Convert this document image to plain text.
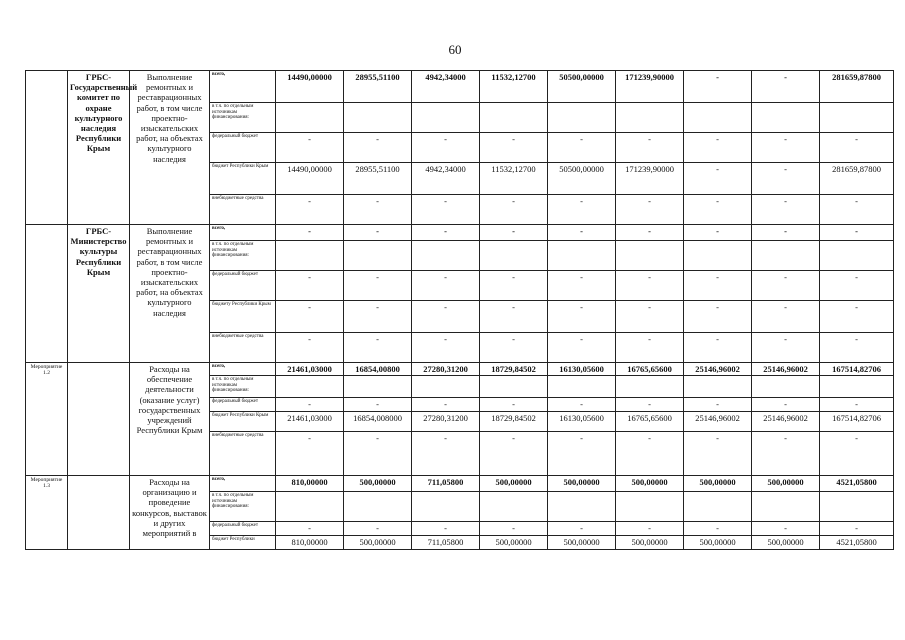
60
	ГРБС-Государственный комитет по охране культурного наследия Республики Крым	Выполнение ремонтных и реставрационных работ, в том числе проектно-изыскательских работ, на объектах культурного наследия	всего,	14490,00000	28955,51100	4942,34000	11532,12700	50500,00000	171239,90000	-	-	281659,87800
			в т.ч. по отдельным источникам финансирования:									
			федеральный бюджет	-	-	-	-	-	-	-	-	-
			бюджет Республики Крым	14490,00000	28955,51100	4942,34000	11532,12700	50500,00000	171239,90000	-	-	281659,87800
			внебюджетные средства	-	-	-	-	-	-	-	-	-
	ГРБС-Министерство культуры Республики Крым	Выполнение ремонтных и реставрационных работ, в том числе проектно-изыскательских работ, на объектах культурного наследия	всего,	-	-	-	-	-	-	-	-	-
			в т.ч. по отдельным источникам финансирования:									
			федеральный бюджет	-	-	-	-	-	-	-	-	-
			бюджету Республики Крым	-	-	-	-	-	-	-	-	-
			внебюджетные средства	-	-	-	-	-	-	-	-	-
Мероприятие 1.2		Расходы на обеспечение деятельности (оказание услуг) государственных учреждений Республики Крым	всего,	21461,03000	16854,00800	27280,31200	18729,84502	16130,05600	16765,65600	25146,96002	25146,96002	167514,82706
			в т.ч. по отдельным источникам финансирования:									
			федеральный бюджет	-	-	-	-	-	-	-	-	-
			бюджет Республики Крым	21461,03000	16854,008000	27280,31200	18729,84502	16130,05600	16765,65600	25146,96002	25146,96002	167514,82706
			внебюджетные средства	-	-	-	-	-	-	-	-	-
Мероприятие 1.3		Расходы на организацию и проведение конкурсов, выставок и других мероприятий в	всего,	810,00000	500,00000	711,05800	500,00000	500,00000	500,00000	500,00000	500,00000	4521,05800
			в т.ч. по отдельным источникам финансирования:									
			федеральный бюджет	-	-	-	-	-	-	-	-	-
			бюджет Республики	810,00000	500,00000	711,05800	500,00000	500,00000	500,00000	500,00000	500,00000	4521,05800
